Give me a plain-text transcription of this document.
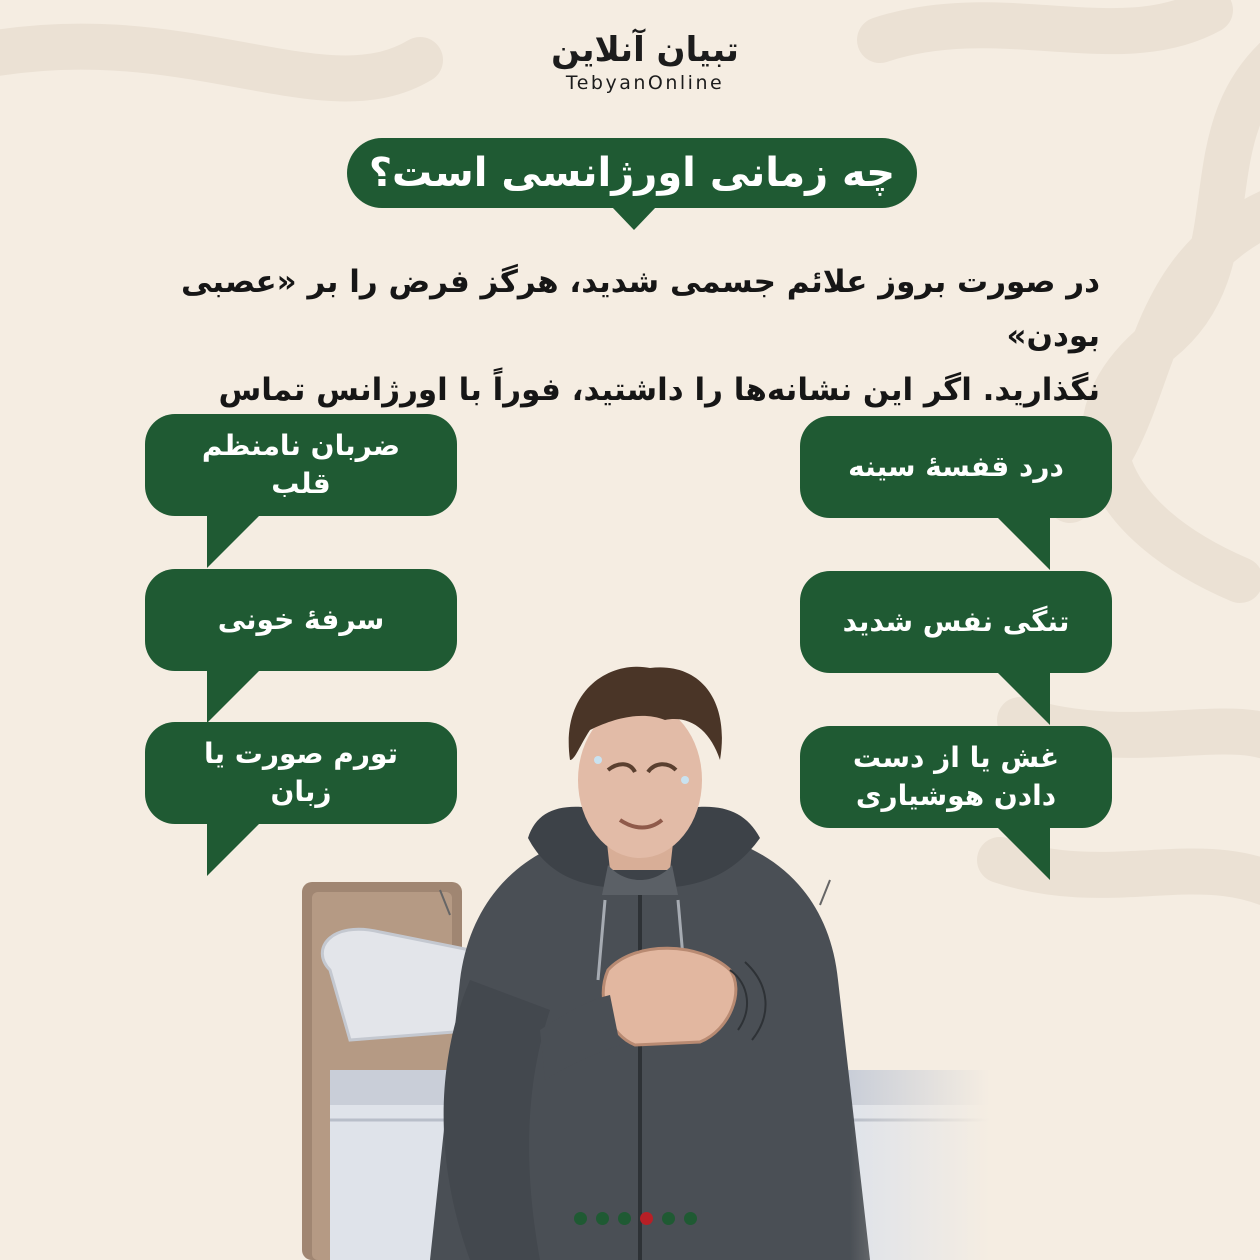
تبیان آنلاین
TebyanOnline
چه زمانی اورژانسی است؟

در صورت بروز علائم جسمی شدید، هرگز فرض را بر «عصبی بودن»

نگذارید. اگر این نشانه‌ها را داشتید، فوراً با اورژانس تماس

درد قفسهٔ سینه
تنگی نفس شدید
غش یا از دست دادن هوشیاری
ضربان نامنظم قلب
سرفهٔ خونی
تورم صورت یا زبان
